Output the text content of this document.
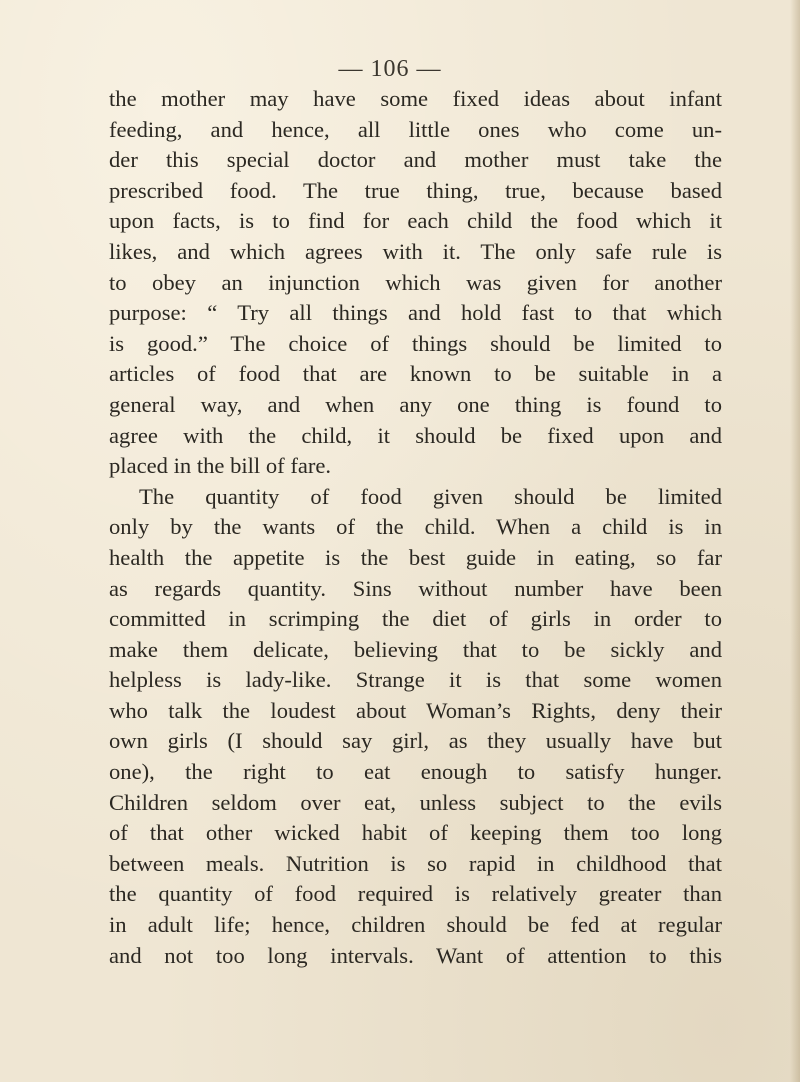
— 106 —
the mother may have some fixed ideas about infant
feeding, and hence, all little ones who come un-
der this special doctor and mother must take the
prescribed food. The true thing, true, because based
upon facts, is to find for each child the food which it
likes, and which agrees with it. The only safe rule is
to obey an injunction which was given for another
purpose: “ Try all things and hold fast to that which
is good.” The choice of things should be limited to
articles of food that are known to be suitable in a
general way, and when any one thing is found to
agree with the child, it should be fixed upon and
placed in the bill of fare.
The quantity of food given should be limited
only by the wants of the child. When a child is in
health the appetite is the best guide in eating, so far
as regards quantity. Sins without number have been
committed in scrimping the diet of girls in order to
make them delicate, believing that to be sickly and
helpless is lady-like. Strange it is that some women
who talk the loudest about Woman’s Rights, deny their
own girls (I should say girl, as they usually have but
one), the right to eat enough to satisfy hunger.
Children seldom over eat, unless subject to the evils
of that other wicked habit of keeping them too long
between meals. Nutrition is so rapid in childhood that
the quantity of food required is relatively greater than
in adult life; hence, children should be fed at regular
and not too long intervals. Want of attention to this
